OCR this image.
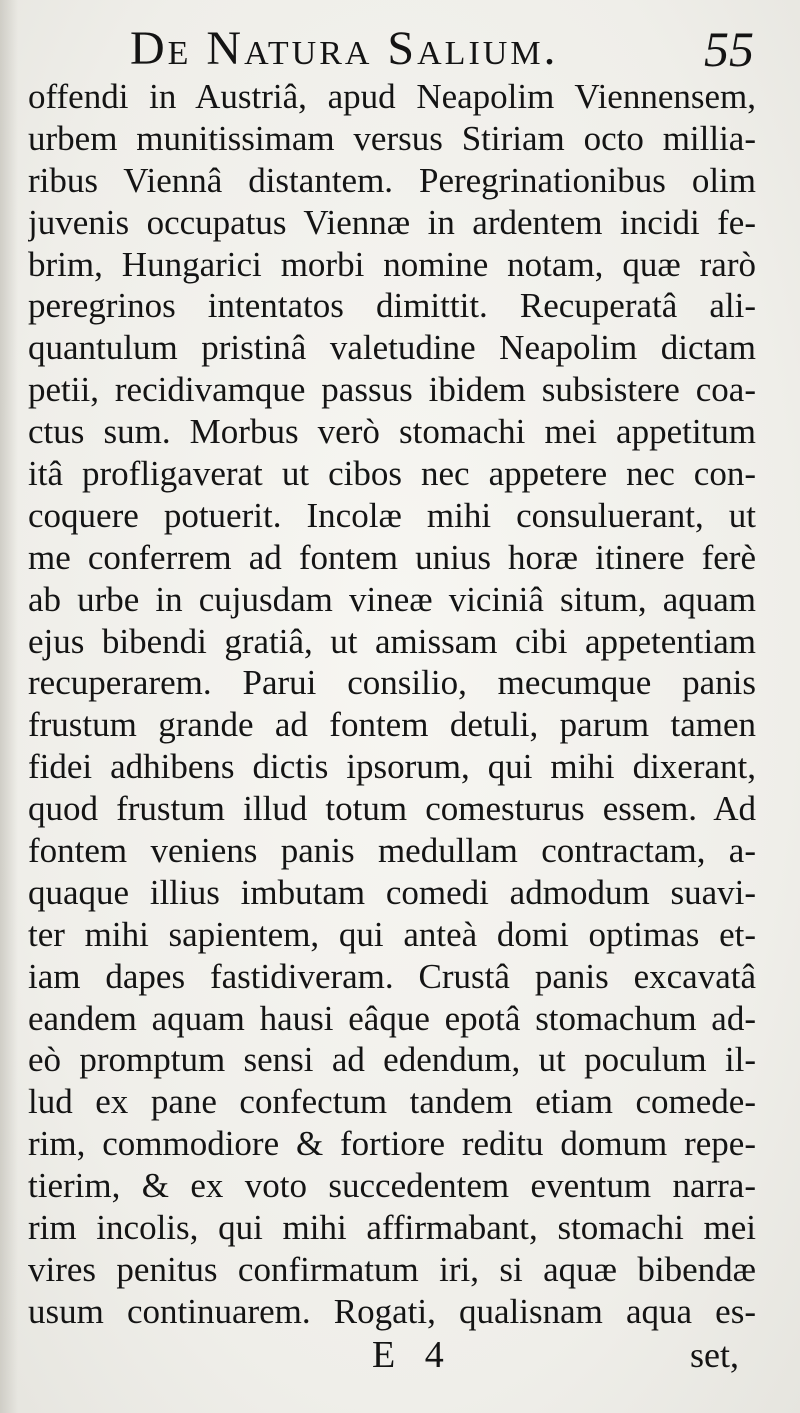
De Natura Salium.	55
offendi in Austriâ, apud Neapolim Viennensem,
urbem munitissimam versus Stiriam octo millia-
ribus Viennâ distantem. Peregrinationibus olim
juvenis occupatus Viennæ in ardentem incidi fe-
brim, Hungarici morbi nomine notam, quæ rarò
peregrinos intentatos dimittit. Recuperatâ ali-
quantulum pristinâ valetudine Neapolim dictam
petii, recidivamque passus ibidem subsistere coa-
ctus sum. Morbus verò stomachi mei appetitum
itâ profligaverat ut cibos nec appetere nec con-
coquere potuerit. Incolæ mihi consuluerant, ut
me conferrem ad fontem unius horæ itinere ferè
ab urbe in cujusdam vineæ viciniâ situm, aquam
ejus bibendi gratiâ, ut amissam cibi appetentiam
recuperarem. Parui consilio, mecumque panis
frustum grande ad fontem detuli, parum tamen
fidei adhibens dictis ipsorum, qui mihi dixerant,
quod frustum illud totum comesturus essem. Ad
fontem veniens panis medullam contractam, a-
quaque illius imbutam comedi admodum suavi-
ter mihi sapientem, qui anteà domi optimas et-
iam dapes fastidiveram. Crustâ panis excavatâ
eandem aquam hausi eâque epotâ stomachum ad-
eò promptum sensi ad edendum, ut poculum il-
lud ex pane confectum tandem etiam comede-
rim, commodiore & fortiore reditu domum repe-
tierim, & ex voto succedentem eventum narra-
rim incolis, qui mihi affirmabant, stomachi mei
vires penitus confirmatum iri, si aquæ bibendæ
usum continuarem. Rogati, qualisnam aqua es-
E 4	set,
